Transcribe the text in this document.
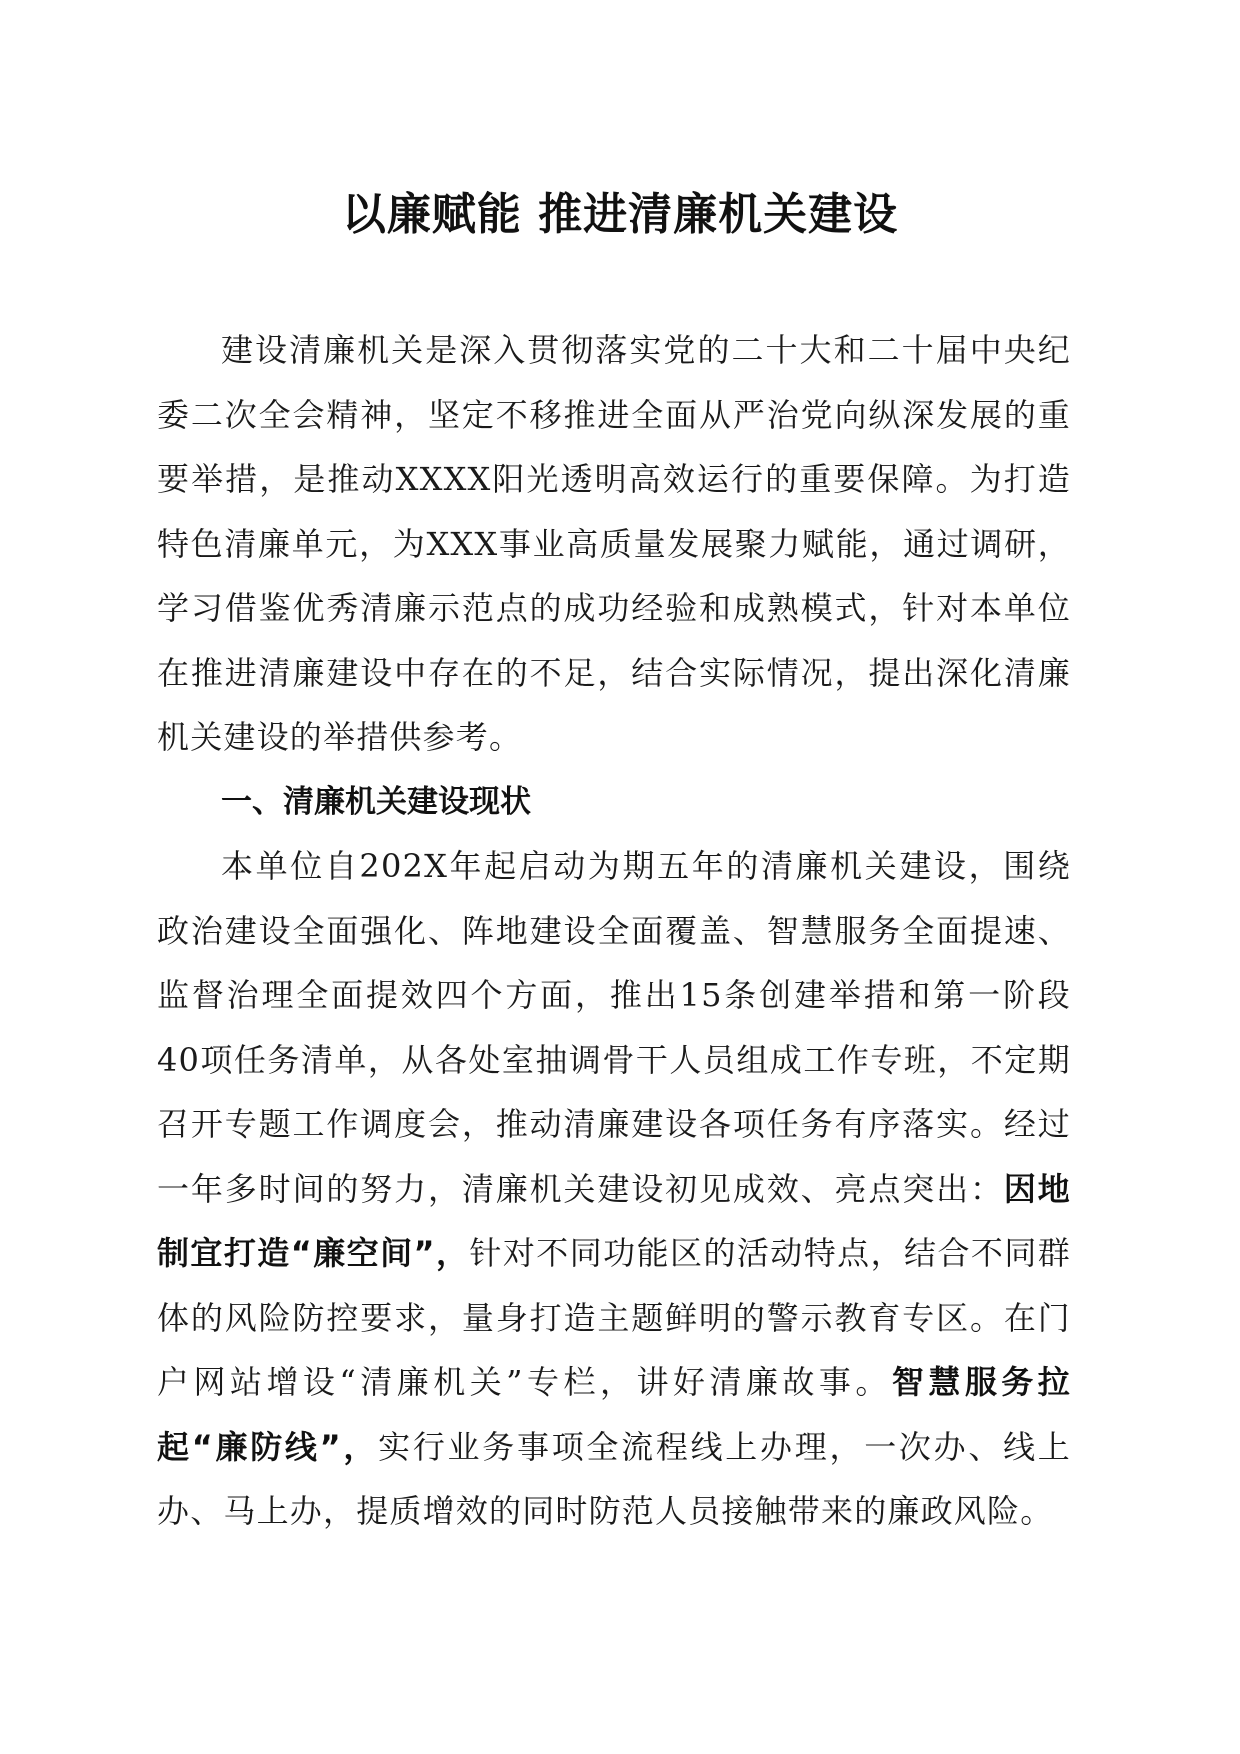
以廉赋能 推进清廉机关建设

建设清廉机关是深入贯彻落实党的二十大和二十届中央纪委二次全会精神，坚定不移推进全面从严治党向纵深发展的重要举措，是推动XXXX阳光透明高效运行的重要保障。为打造特色清廉单元，为XXX事业高质量发展聚力赋能，通过调研，学习借鉴优秀清廉示范点的成功经验和成熟模式，针对本单位在推进清廉建设中存在的不足，结合实际情况，提出深化清廉机关建设的举措供参考。

一、清廉机关建设现状

本单位自202X年起启动为期五年的清廉机关建设，围绕政治建设全面强化、阵地建设全面覆盖、智慧服务全面提速、监督治理全面提效四个方面，推出15条创建举措和第一阶段40项任务清单，从各处室抽调骨干人员组成工作专班，不定期召开专题工作调度会，推动清廉建设各项任务有序落实。经过一年多时间的努力，清廉机关建设初见成效、亮点突出：因地制宜打造“廉空间”，针对不同功能区的活动特点，结合不同群体的风险防控要求，量身打造主题鲜明的警示教育专区。在门户网站增设“清廉机关”专栏，讲好清廉故事。智慧服务拉起“廉防线”，实行业务事项全流程线上办理，一次办、线上办、马上办，提质增效的同时防范人员接触带来的廉政风险。
